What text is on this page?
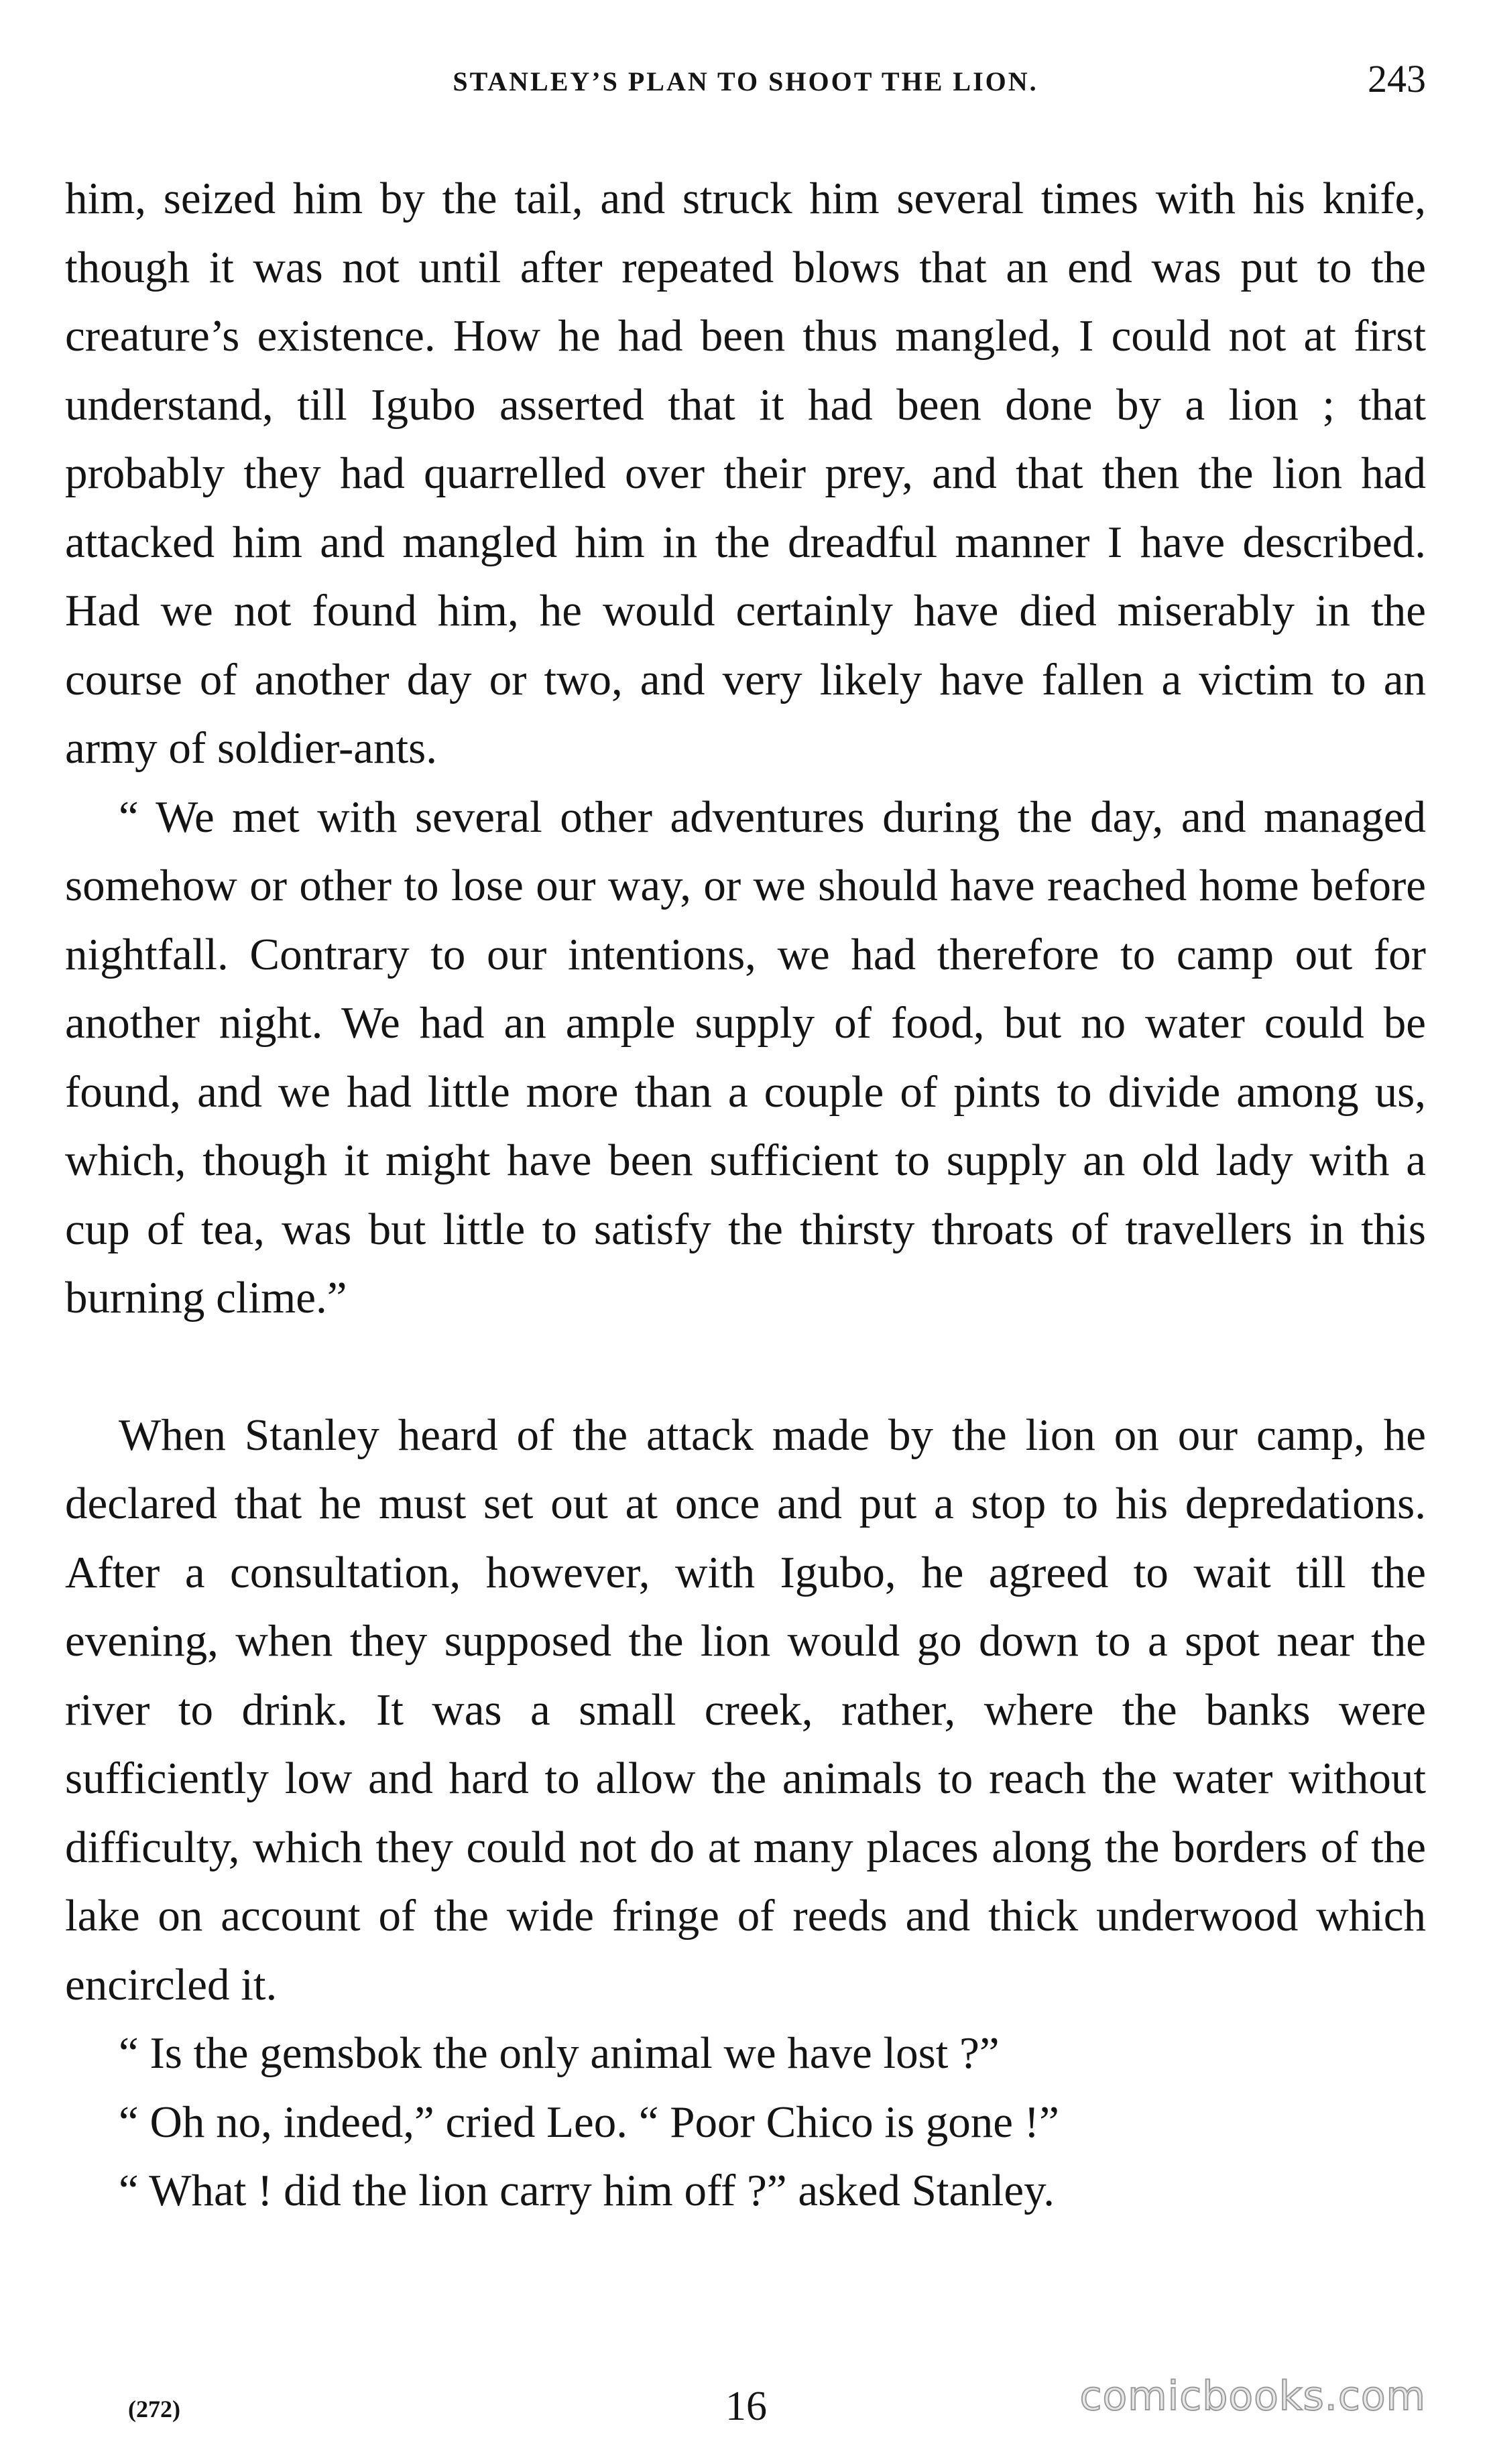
STANLEY’S PLAN TO SHOOT THE LION.	243

him, seized him by the tail, and struck him several times with his knife, though it was not until after repeated blows that an end was put to the creature’s existence. How he had been thus mangled, I could not at first understand, till Igubo asserted that it had been done by a lion ; that probably they had quarrelled over their prey, and that then the lion had attacked him and mangled him in the dreadful manner I have described. Had we not found him, he would certainly have died miserably in the course of another day or two, and very likely have fallen a victim to an army of soldier-ants.

“ We met with several other adventures during the day, and managed somehow or other to lose our way, or we should have reached home before nightfall. Contrary to our intentions, we had therefore to camp out for another night. We had an ample supply of food, but no water could be found, and we had little more than a couple of pints to divide among us, which, though it might have been sufficient to supply an old lady with a cup of tea, was but little to satisfy the thirsty throats of travellers in this burning clime.”

When Stanley heard of the attack made by the lion on our camp, he declared that he must set out at once and put a stop to his depredations. After a consultation, however, with Igubo, he agreed to wait till the evening, when they supposed the lion would go down to a spot near the river to drink. It was a small creek, rather, where the banks were sufficiently low and hard to allow the animals to reach the water without difficulty, which they could not do at many places along the borders of the lake on account of the wide fringe of reeds and thick underwood which encircled it.

“ Is the gemsbok the only animal we have lost ?”

“ Oh no, indeed,” cried Leo. “ Poor Chico is gone !”

“ What ! did the lion carry him off ?” asked Stanley.

(272)	16	comicbooks.com
